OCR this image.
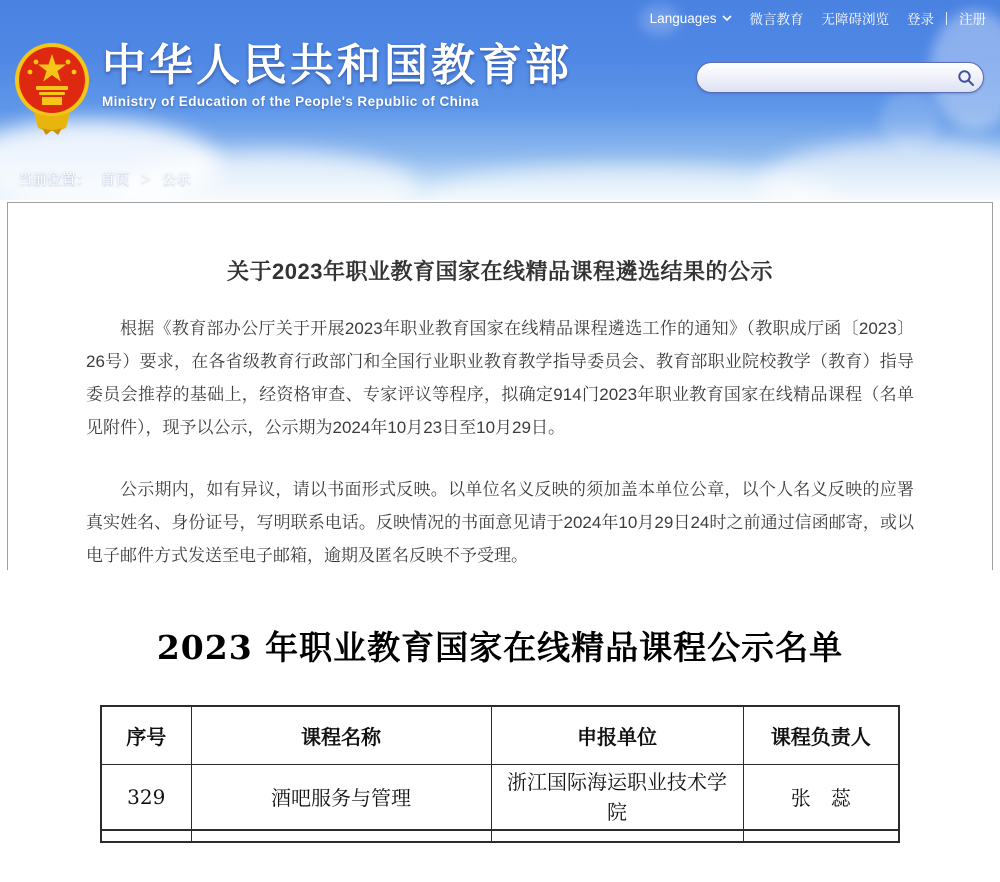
Languages 微言教育 无障碍浏览 登录 注册
中华人民共和国教育部
Ministry of Education of the People's Republic of China
当前位置： 首页 ＞ 公示
关于2023年职业教育国家在线精品课程遴选结果的公示

根据《教育部办公厅关于开展2023年职业教育国家在线精品课程遴选工作的通知》（教职成厅函〔2023〕26号）要求，在各省级教育行政部门和全国行业职业教育教学指导委员会、教育部职业院校教学（教育）指导委员会推荐的基础上，经资格审查、专家评议等程序，拟确定914门2023年职业教育国家在线精品课程（名单见附件），现予以公示，公示期为2024年10月23日至10月29日。

公示期内，如有异议，请以书面形式反映。以单位名义反映的须加盖本单位公章，以个人名义反映的应署真实姓名、身份证号，写明联系电话。反映情况的书面意见请于2024年10月29日24时之前通过信函邮寄，或以电子邮件方式发送至电子邮箱，逾期及匿名反映不予受理。

2023 年职业教育国家在线精品课程公示名单
序号	课程名称	申报单位	课程负责人
329	酒吧服务与管理	浙江国际海运职业技术学院	张　蕊
